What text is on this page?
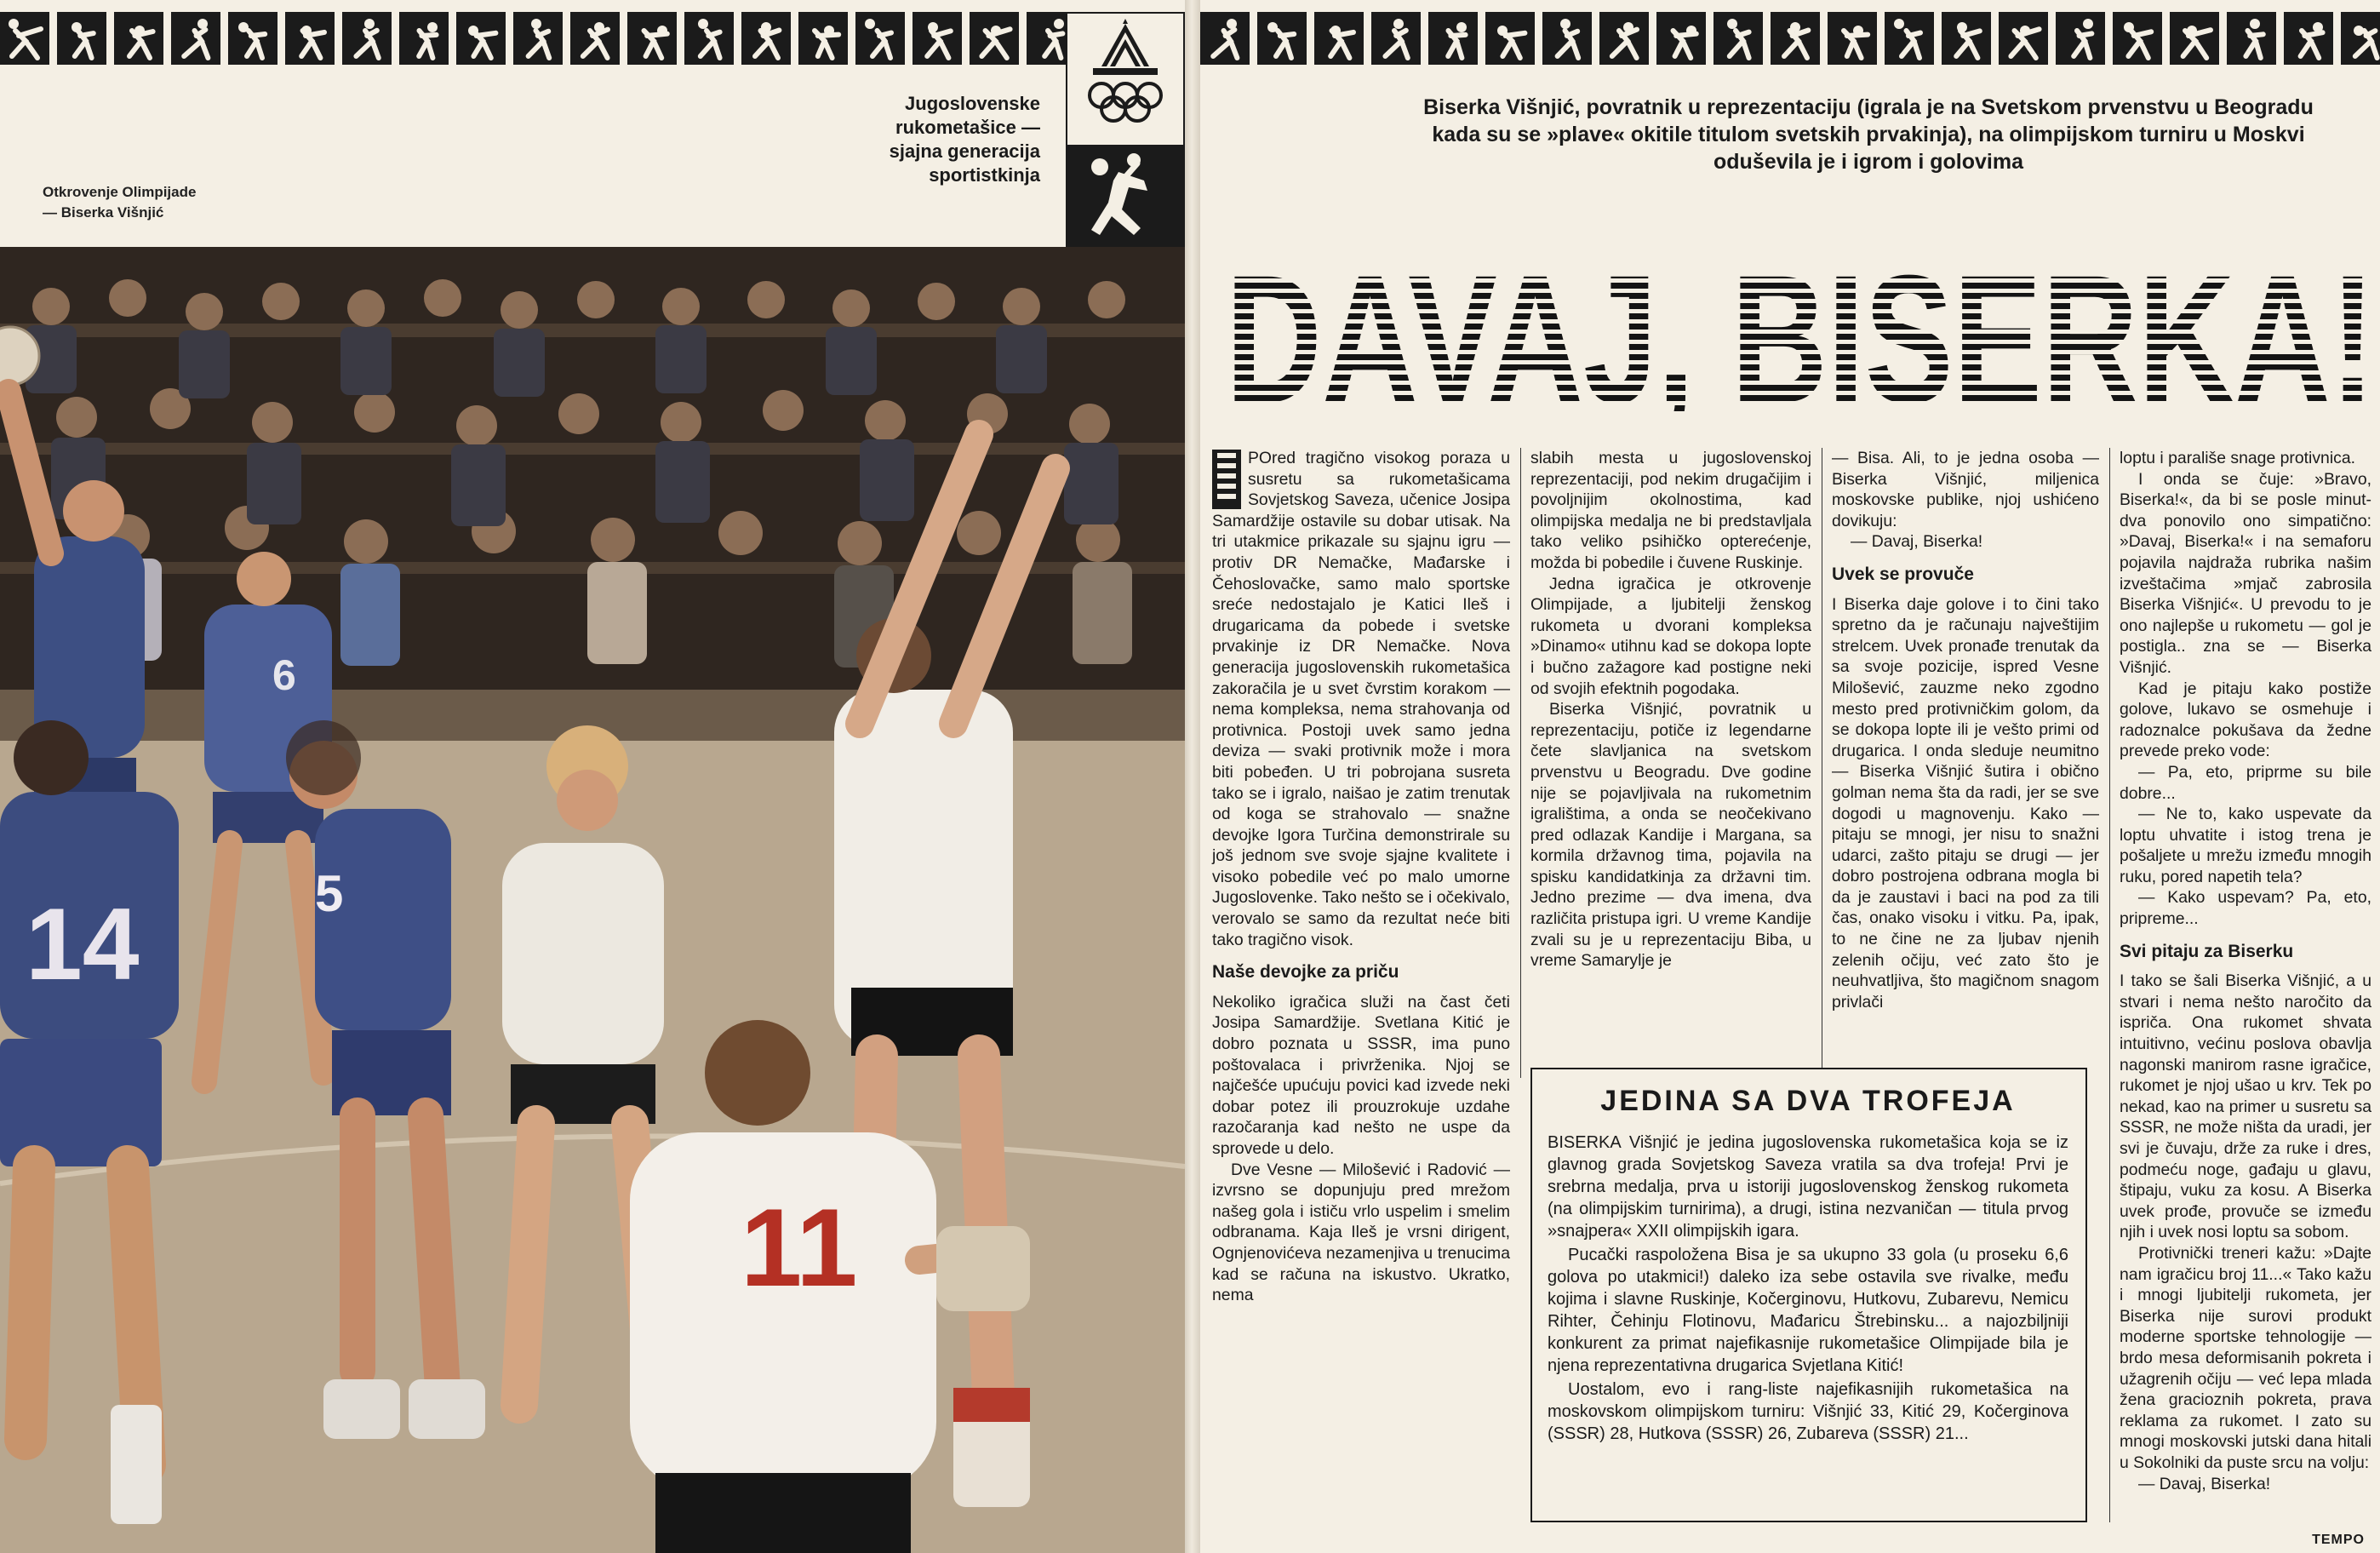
Jugoslovenske
rukometašice —
sjajna generacija
sportistkinja
Otkrovenje Olimpijade
— Biserka Višnjić
14
6
5
11
Biserka Višnjić, povratnik u reprezentaciju (igrala je na Svetskom prvenstvu u Beogradu kada su se »plave« okitile titulom svetskih prvakinja), na olimpijskom turniru u Moskvi oduševila je i igrom i golovima

POred tragično visokog poraza u susretu sa rukometašicama Sovjetskog Saveza, učenice Josipa Samardžije ostavile su dobar utisak. Na tri utakmice prikazale su sjajnu igru — protiv DR Nemačke, Mađarske i Čehoslovačke, samo malo sportske sreće nedostajalo je Katici Ileš i drugaricama da pobede i svetske prvakinje iz DR Nemačke. Nova generacija jugoslovenskih rukometašica zakoračila je u svet čvrstim korakom — nema kompleksa, nema strahovanja od protivnica. Postoji uvek samo jedna deviza — svaki protivnik može i mora biti pobeđen. U tri pobrojana susreta tako se i igralo, naišao je zatim trenutak od koga se strahovalo — snažne devojke Igora Turčina demonstrirale su još jednom sve svoje sjajne kvalitete i visoko pobedile već po malo umorne Jugoslovenke. Tako nešto se i očekivalo, verovalo se samo da rezultat neće biti tako tragično visok.

Naše devojke za priču

Nekoliko igračica služi na čast četi Josipa Samardžije. Svetlana Kitić je dobro poznata u SSSR, ima puno poštovalaca i privrženika. Njoj se najčešće upućuju povici kad izvede neki dobar potez ili prouzrokuje uzdahe razočaranja kad nešto ne uspe da sprovede u delo.

Dve Vesne — Milošević i Radović — izvrsno se dopunjuju pred mrežom našeg gola i ističu vrlo uspelim i smelim odbranama. Kaja Ileš je vrsni dirigent, Ognjenovićeva nezamenjiva u trenucima kad se računa na iskustvo. Ukratko, nema

slabih mesta u jugoslovenskoj reprezentaciji, pod nekim drugačijim i povoljnijim okolnostima, kad olimpijska medalja ne bi predstavljala tako veliko psihičko opterećenje, možda bi pobedile i čuvene Ruskinje.

Jedna igračica je otkrovenje Olimpijade, a ljubitelji ženskog rukometa u dvorani kompleksa »Dinamo« utihnu kad se dokopa lopte i bučno zažagore kad postigne neki od svojih efektnih pogodaka.

Biserka Višnjić, povratnik u reprezentaciju, potiče iz legendarne čete slavljanica na svetskom prvenstvu u Beogradu. Dve godine nije se pojavljivala na rukometnim igralištima, a onda se neočekivano pred odlazak Kandije i Margana, sa kormila državnog tima, pojavila na spisku kandidatkinja za državni tim. Jedno prezime — dva imena, dva različita pristupa igri. U vreme Kandije zvali su je u reprezentaciju Biba, u vreme Samarylje je

— Bisa. Ali, to je jedna osoba — Biserka Višnjić, miljenica moskovske publike, njoj ushićeno dovikuju:

— Davaj, Biserka!

Uvek se provuče

I Biserka daje golove i to čini tako spretno da je računaju najveštijim strelcem. Uvek pronađe trenutak da sa svoje pozicije, ispred Vesne Milošević, zauzme neko zgodno mesto pred protivničkim golom, da se dokopa lopte ili je vešto primi od drugarica. I onda sleduje neumitno — Biserka Višnjić šutira i obično golman nema šta da radi, jer se sve dogodi u magnovenju. Kako — pitaju se mnogi, jer nisu to snažni udarci, zašto pitaju se drugi — jer dobro postrojena odbrana mogla bi da je zaustavi i baci na pod za tili čas, onako visoku i vitku. Pa, ipak, to ne čine ne za ljubav njenih zelenih očiju, već zato što je neuhvatljiva, što magičnom snagom privlači

loptu i parališe snage protivnica.

I onda se čuje: »Bravo, Biserka!«, da bi se posle minut-dva ponovilo ono simpatično: »Davaj, Biserka!« i na semaforu pojavila najdraža rubrika našim izveštačima »mjač zabrosila Biserka Višnjić«. U prevodu to je ono najlepše u rukometu — gol je postigla.. zna se — Biserka Višnjić.

Kad je pitaju kako postiže golove, lukavo se osmehuje i radoznalce pokušava da žedne prevede preko vode:

— Pa, eto, priprme su bile dobre...

— Ne to, kako uspevate da loptu uhvatite i istog trena je pošaljete u mrežu između mnogih ruku, pored napetih tela?

— Kako uspevam? Pa, eto, pripreme...

Svi pitaju za Biserku

I tako se šali Biserka Višnjić, a u stvari i nema nešto naročito da ispriča. Ona rukomet shvata intuitivno, većinu poslova obavlja nagonski manirom rasne igračice, rukomet je njoj ušao u krv. Tek po nekad, kao na primer u susretu sa SSSR, ne može ništa da uradi, jer svi je čuvaju, drže za ruke i dres, podmeću noge, gađaju u glavu, štipaju, vuku za kosu. A Biserka uvek prođe, provuče se između njih i uvek nosi loptu sa sobom.

Protivnički treneri kažu: »Dajte nam igračicu broj 11...« Tako kažu i mnogi ljubitelji rukometa, jer Biserka nije surovi produkt moderne sportske tehnologije — brdo mesa deformisanih pokreta i užagrenih očiju — već lepa mlada žena gracioznih pokreta, prava reklama za rukomet. I zato su mnogi moskovski jutski dana hitali u Sokolniki da puste srcu na volju:

— Davaj, Biserka!

JEDINA SA DVA TROFEJA

BISERKA Višnjić je jedina jugoslovenska rukometašica koja se iz glavnog grada Sovjetskog Saveza vratila sa dva trofeja! Prvi je srebrna medalja, prva u istoriji jugoslovenskog ženskog rukometa (na olimpijskim turnirima), a drugi, istina nezvaničan — titula prvog »snajpera« XXII olimpijskih igara.

Pucački raspoložena Bisa je sa ukupno 33 gola (u proseku 6,6 golova po utakmici!) daleko iza sebe ostavila sve rivalke, među kojima i slavne Ruskinje, Kočerginovu, Hutkovu, Zubarevu, Nemicu Rihter, Čehinju Flotinovu, Mađaricu Štrebinsku... a najozbiljniji konkurent za primat najefikasnije rukometašice Olimpijade bila je njena reprezentativna drugarica Svjetlana Kitić!

Uostalom, evo i rang-liste najefikasnijih rukometašica na moskovskom olimpijskom turniru: Višnjić 33, Kitić 29, Kočerginova (SSSR) 28, Hutkova (SSSR) 26, Zubareva (SSSR) 21...

TEMPO
